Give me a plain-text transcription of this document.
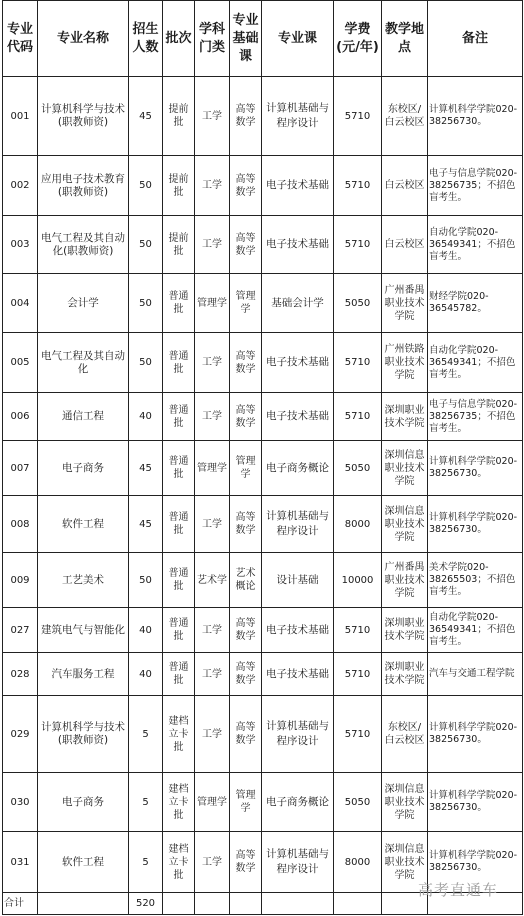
专业代码	专业名称	招生人数	批次	学科门类	专业基础课	专业课	学费(元/年)	教学地点	备注
001	计算机科学与技术(职教师资)	45	提前批	工学	高等数学	计算机基础与程序设计	5710	东校区/白云校区	计算机科学学院020-38256730。
002	应用电子技术教育(职教师资)	50	提前批	工学	高等数学	电子技术基础	5710	白云校区	电子与信息学院020-38256735；不招色盲考生。
003	电气工程及其自动化(职教师资)	50	提前批	工学	高等数学	电子技术基础	5710	白云校区	自动化学院020-36549341；不招色盲考生。
004	会计学	50	普通批	管理学	管理学	基础会计学	5050	广州番禺职业技术学院	财经学院020-36545782。
005	电气工程及其自动化	50	普通批	工学	高等数学	电子技术基础	5710	广州铁路职业技术学院	自动化学院020-36549341；不招色盲考生。
006	通信工程	40	普通批	工学	高等数学	电子技术基础	5710	深圳职业技术学院	电子与信息学院020-38256735；不招色盲考生。
007	电子商务	45	普通批	管理学	管理学	电子商务概论	5050	深圳信息职业技术学院	计算机科学学院020-38256730。
008	软件工程	45	普通批	工学	高等数学	计算机基础与程序设计	8000	深圳信息职业技术学院	计算机科学学院020-38256730。
009	工艺美术	50	普通批	艺术学	艺术概论	设计基础	10000	广州番禺职业技术学院	美术学院020-38265503；不招色盲考生。
027	建筑电气与智能化	40	普通批	工学	高等数学	电子技术基础	5710	深圳职业技术学院	自动化学院020-36549341；不招色盲考生。
028	汽车服务工程	40	普通批	工学	高等数学	电子技术基础	5710	深圳职业技术学院	汽车与交通工程学院
029	计算机科学与技术(职教师资)	5	建档立卡批	工学	高等数学	计算机基础与程序设计	5710	东校区/白云校区	计算机科学学院020-38256730。
030	电子商务	5	建档立卡批	管理学	管理学	电子商务概论	5050	深圳信息职业技术学院	计算机科学学院020-38256730。
031	软件工程	5	建档立卡批	工学	高等数学	计算机基础与程序设计	8000	深圳信息职业技术学院	计算机科学学院020-38256730。
合计		520							
高考直通车
